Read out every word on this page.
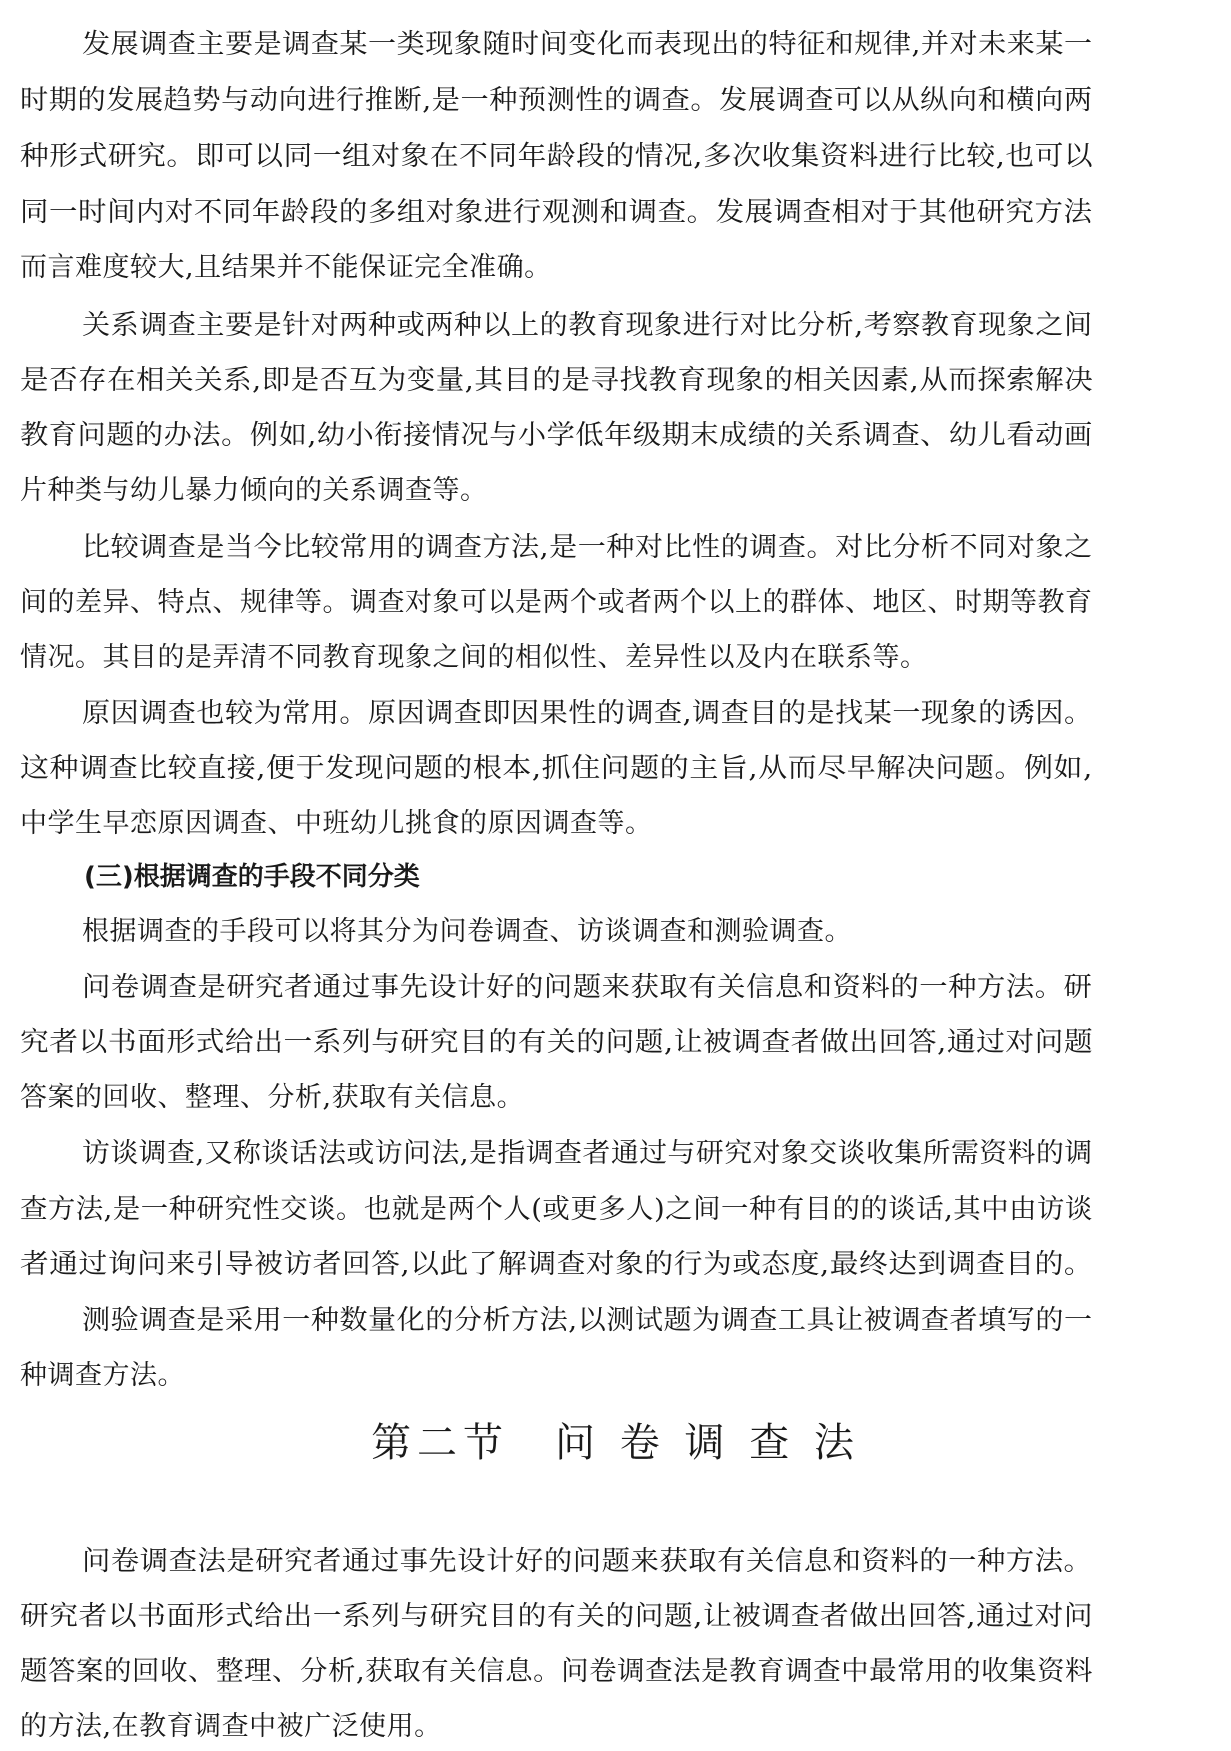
发展调查主要是调查某一类现象随时间变化而表现出的特征和规律,并对未来某一
时期的发展趋势与动向进行推断,是一种预测性的调查。发展调查可以从纵向和横向两
种形式研究。即可以同一组对象在不同年龄段的情况,多次收集资料进行比较,也可以
同一时间内对不同年龄段的多组对象进行观测和调查。发展调查相对于其他研究方法
而言难度较大,且结果并不能保证完全准确。
关系调查主要是针对两种或两种以上的教育现象进行对比分析,考察教育现象之间
是否存在相关关系,即是否互为变量,其目的是寻找教育现象的相关因素,从而探索解决
教育问题的办法。例如,幼小衔接情况与小学低年级期末成绩的关系调查、幼儿看动画
片种类与幼儿暴力倾向的关系调查等。
比较调查是当今比较常用的调查方法,是一种对比性的调查。对比分析不同对象之
间的差异、特点、规律等。调查对象可以是两个或者两个以上的群体、地区、时期等教育
情况。其目的是弄清不同教育现象之间的相似性、差异性以及内在联系等。
原因调查也较为常用。原因调查即因果性的调查,调查目的是找某一现象的诱因。
这种调查比较直接,便于发现问题的根本,抓住问题的主旨,从而尽早解决问题。例如,
中学生早恋原因调查、中班幼儿挑食的原因调查等。
(三)根据调查的手段不同分类
根据调查的手段可以将其分为问卷调查、访谈调查和测验调查。
问卷调查是研究者通过事先设计好的问题来获取有关信息和资料的一种方法。研
究者以书面形式给出一系列与研究目的有关的问题,让被调查者做出回答,通过对问题
答案的回收、整理、分析,获取有关信息。
访谈调查,又称谈话法或访问法,是指调查者通过与研究对象交谈收集所需资料的调
查方法,是一种研究性交谈。也就是两个人(或更多人)之间一种有目的的谈话,其中由访谈
者通过询问来引导被访者回答,以此了解调查对象的行为或态度,最终达到调查目的。
测验调查是采用一种数量化的分析方法,以测试题为调查工具让被调查者填写的一
种调查方法。
第二节　问 卷 调 查 法
问卷调查法是研究者通过事先设计好的问题来获取有关信息和资料的一种方法。
研究者以书面形式给出一系列与研究目的有关的问题,让被调查者做出回答,通过对问
题答案的回收、整理、分析,获取有关信息。问卷调查法是教育调查中最常用的收集资料
的方法,在教育调查中被广泛使用。
